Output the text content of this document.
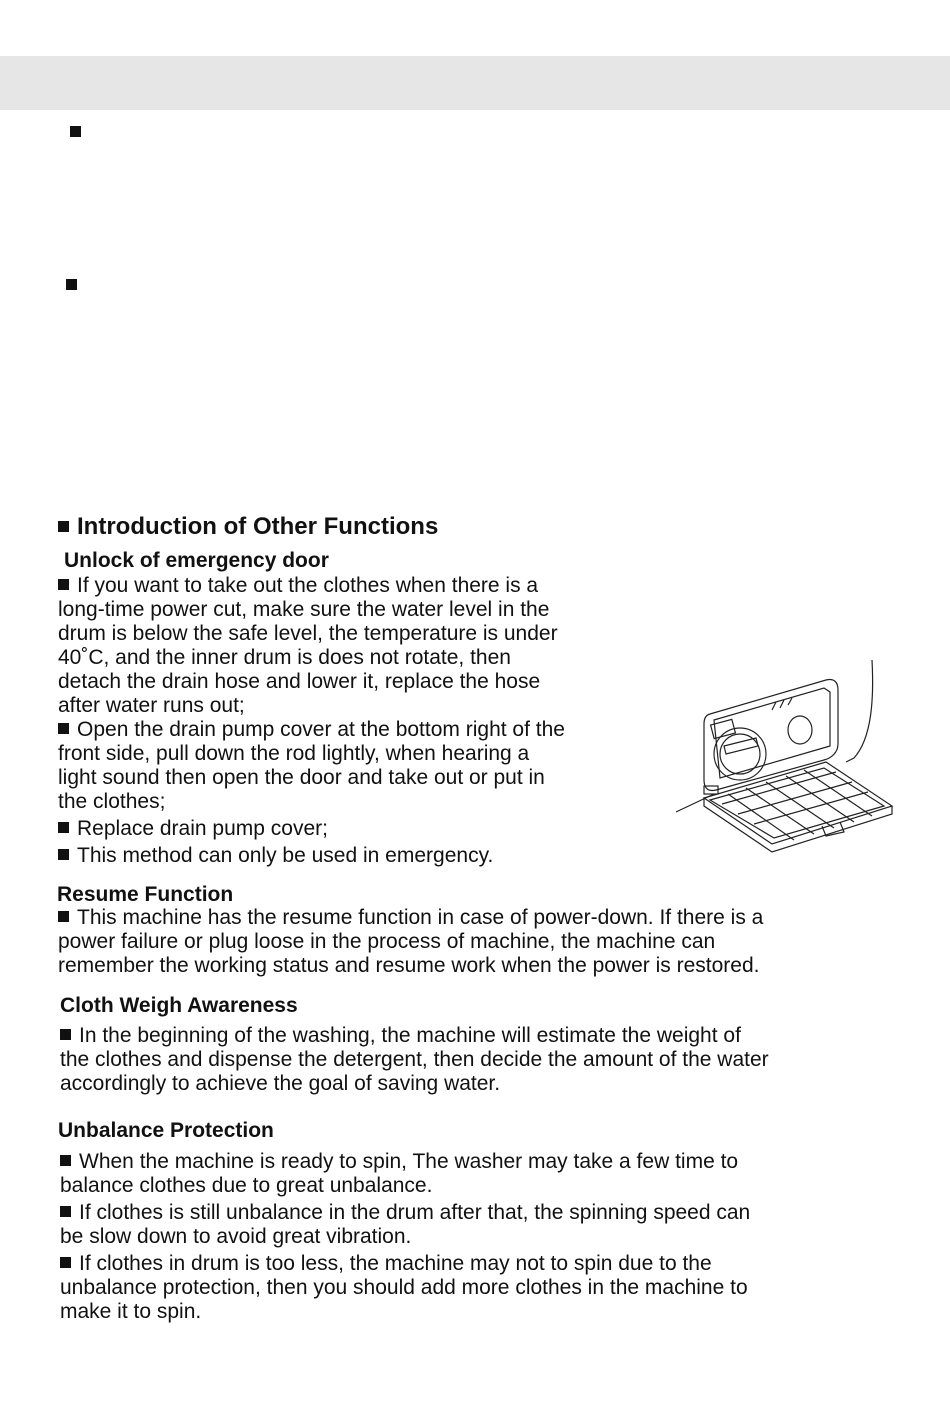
Introduction of Other Functions
Unlock of emergency door

If you want to take out the clothes when there is a
long-time power cut, make sure the water level in the
drum is below the safe level, the temperature is under
40˚C, and the inner drum is does not rotate, then
detach the drain hose and lower it, replace the hose
after water runs out;

Open the drain pump cover at the bottom right of the
front side, pull down the rod lightly, when hearing a
light sound then open the door and take out or put in
the clothes;

Replace drain pump cover;

This method can only be used in emergency.

Resume Function

This machine has the resume function in case of power-down. If there is a
power failure or plug loose in the process of machine, the machine can
remember the working status and resume work when the power is restored.

Cloth Weigh Awareness

In the beginning of the washing, the machine will estimate the weight of
the clothes and dispense the detergent, then decide the amount of the water
accordingly to achieve the goal of saving water.

Unbalance Protection

When the machine is ready to spin, The washer may take a few time to
balance clothes due to great unbalance.

If clothes is still unbalance in the drum after that, the spinning speed can
be slow down to avoid great vibration.

If clothes in drum is too less, the machine may not to spin due to the
unbalance protection, then you should add more clothes in the machine to
make it to spin.
